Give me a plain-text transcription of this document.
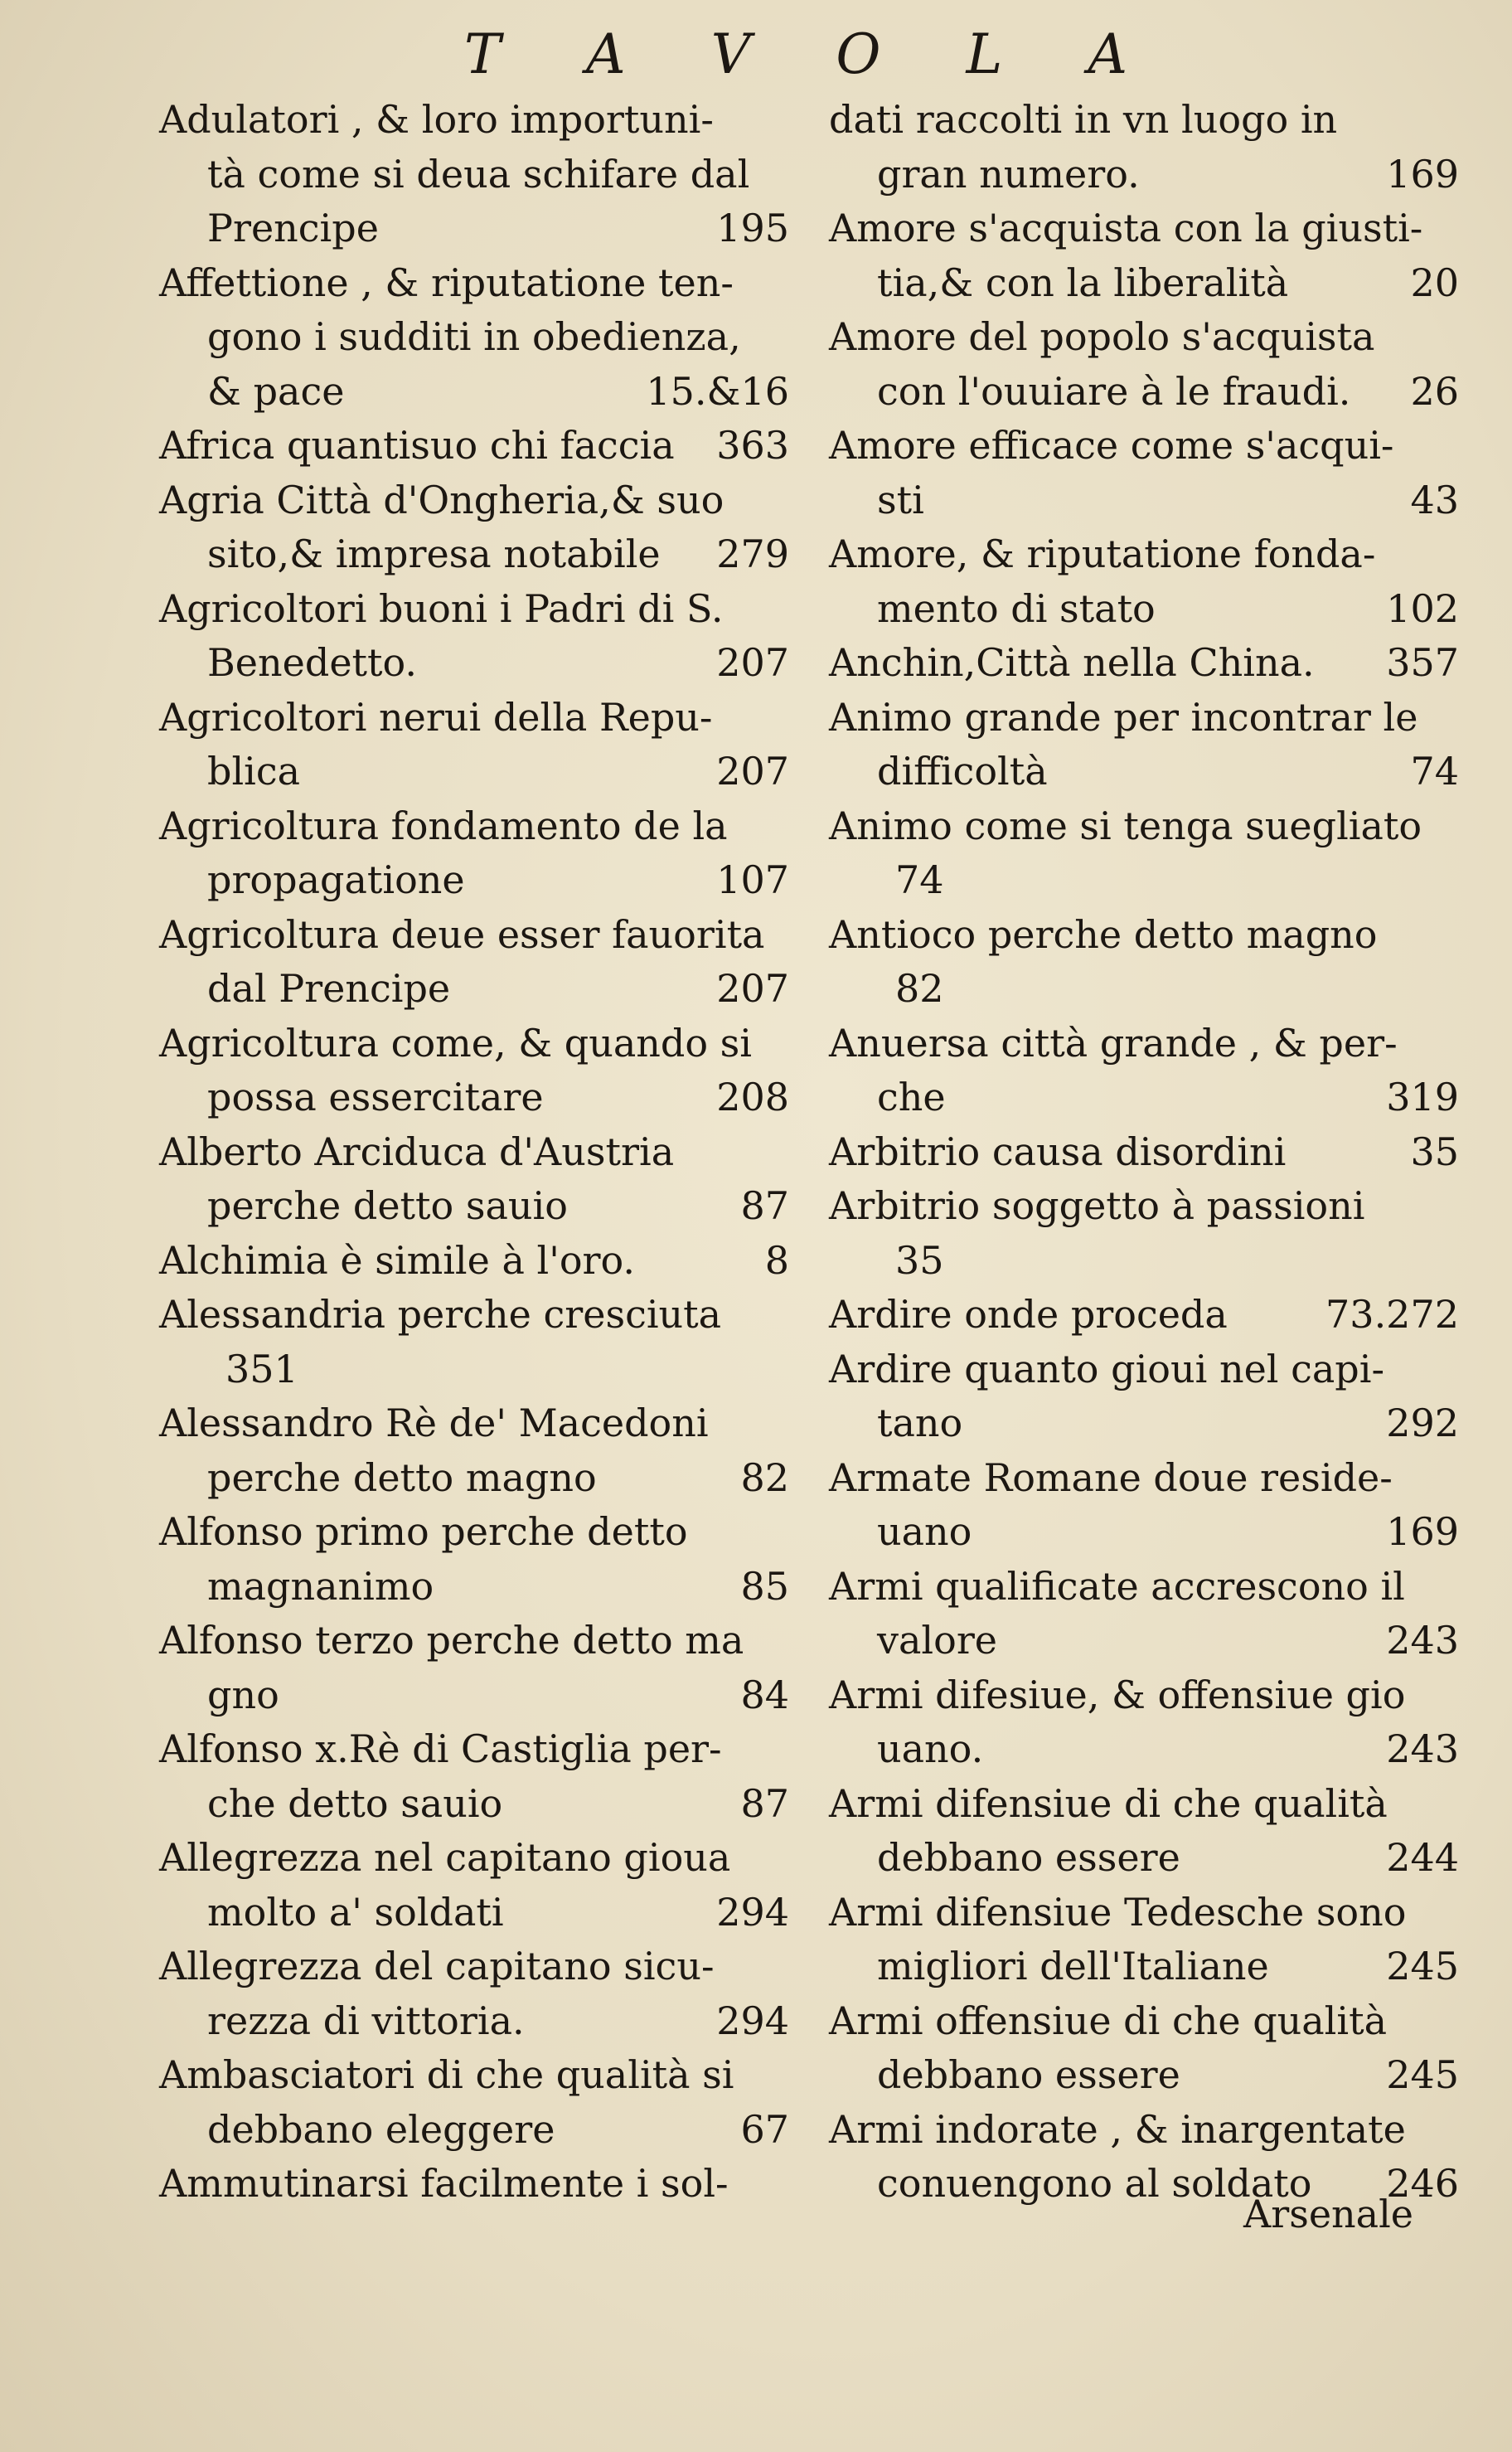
T A V O L A
Adulatori , & loro importuni-
tà come si deua schifare dal
Prencipe	195
Affettione , & riputatione ten-
gono i sudditi in obedienza,
& pace	15.&16
Africa quantisuo chi faccia 363
Agria Città d'Ongheria,& suo
sito,& impresa notabile 279
Agricoltori buoni i Padri di S.
Benedetto.	207
Agricoltori nerui della Repu-
blica	207
Agricoltura fondamento de la
propagatione	107
Agricoltura deue esser fauorita
dal Prencipe	207
Agricoltura come, & quando si
possa essercitare	208
Alberto Arciduca d'Austria
perche detto sauio	87
Alchimia è simile à l'oro.	8
Alessandria perche cresciuta
351
Alessandro Rè de' Macedoni
perche detto magno	82
Alfonso primo perche detto
magnanimo	85
Alfonso terzo perche detto ma
gno	84
Alfonso x.Rè di Castiglia per-
che detto sauio	87
Allegrezza nel capitano gioua
molto a' soldati	294
Allegrezza del capitano sicu-
rezza di vittoria.	294
Ambasciatori di che qualità si
debbano eleggere	67
Ammutinarsi facilmente i sol-
dati raccolti in vn luogo in
gran numero.	169
Amore s'acquista con la giusti-
tia,& con la liberalità	20
Amore del popolo s'acquista
con l'ouuiare à le fraudi. 26
Amore efficace come s'acqui-
sti	43
Amore, & riputatione fonda-
mento di stato	102
Anchin,Città nella China. 357
Animo grande per incontrar le
difficoltà	74
Animo come si tenga suegliato
74
Antioco perche detto magno
82
Anuersa città grande , & per-
che	319
Arbitrio causa disordini	35
Arbitrio soggetto à passioni
35
Ardire onde proceda	73.272
Ardire quanto gioui nel capi-
tano	292
Armate Romane doue reside-
uano	169
Armi qualificate accrescono il
valore	243
Armi difesiue, & offensiue gio
uano.	243
Armi difensiue di che qualità
debbano essere	244
Armi difensiue Tedesche sono
migliori dell'Italiane	245
Armi offensiue di che qualità
debbano essere	245
Armi indorate , & inargentate
conuengono al soldato 246
Arsenale
